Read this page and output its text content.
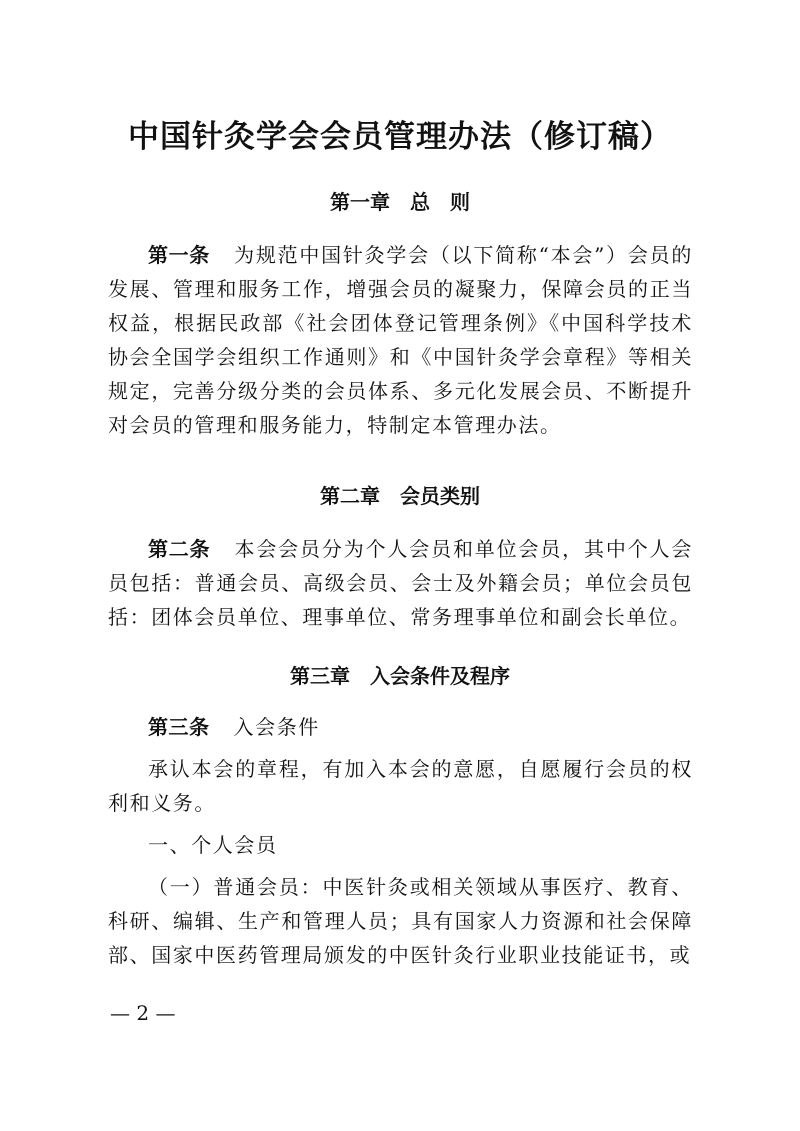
中国针灸学会会员管理办法（修订稿）
第一章　总　则
第一条 为规范中国针灸学会（以下简称“本会”）会员的发展、管理和服务工作，增强会员的凝聚力，保障会员的正当权益，根据民政部《社会团体登记管理条例》《中国科学技术协会全国学会组织工作通则》和《中国针灸学会章程》等相关规定，完善分级分类的会员体系、多元化发展会员、不断提升对会员的管理和服务能力，特制定本管理办法。
第二章　会员类别
第二条 本会会员分为个人会员和单位会员，其中个人会员包括：普通会员、高级会员、会士及外籍会员；单位会员包括：团体会员单位、理事单位、常务理事单位和副会长单位。
第三章　入会条件及程序
第三条 入会条件
承认本会的章程，有加入本会的意愿，自愿履行会员的权利和义务。
一、个人会员
（一）普通会员：中医针灸或相关领域从事医疗、教育、科研、编辑、生产和管理人员；具有国家人力资源和社会保障部、国家中医药管理局颁发的中医针灸行业职业技能证书，或
— 2 —
